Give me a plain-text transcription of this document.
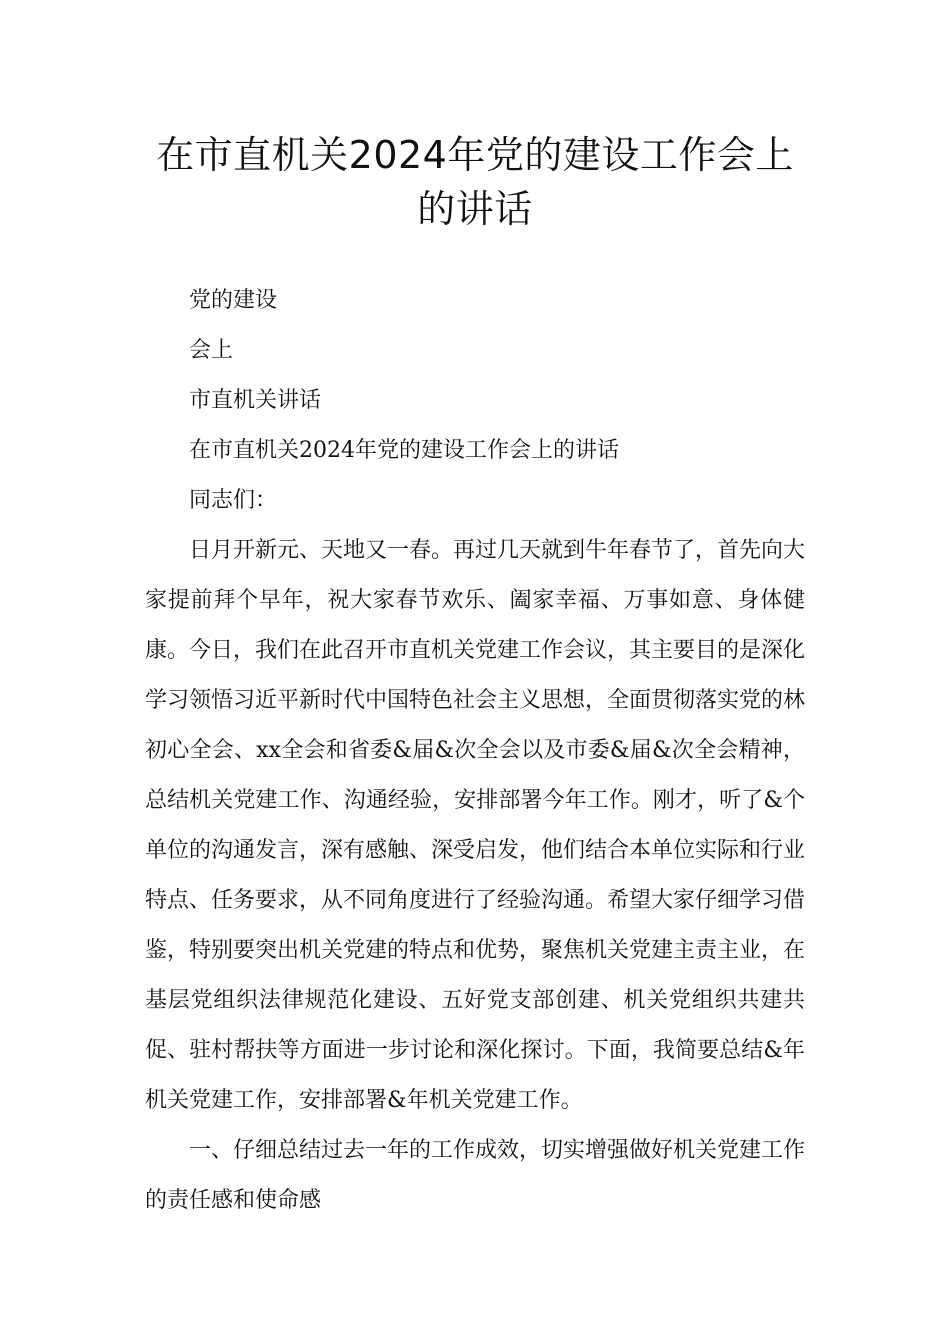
在市直机关2024年党的建设工作会上
的讲话

党的建设

会上

市直机关讲话

在市直机关2024年党的建设工作会上的讲话

同志们：

日月开新元、天地又一春。再过几天就到牛年春节了，首先向大家提前拜个早年，祝大家春节欢乐、阖家幸福、万事如意、身体健康。今日，我们在此召开市直机关党建工作会议，其主要目的是深化学习领悟习近平新时代中国特色社会主义思想，全面贯彻落实党的林初心全会、xx全会和省委&届&次全会以及市委&届&次全会精神，总结机关党建工作、沟通经验，安排部署今年工作。刚才，听了&个单位的沟通发言，深有感触、深受启发，他们结合本单位实际和行业特点、任务要求，从不同角度进行了经验沟通。希望大家仔细学习借鉴，特别要突出机关党建的特点和优势，聚焦机关党建主责主业，在基层党组织法律规范化建设、五好党支部创建、机关党组织共建共促、驻村帮扶等方面进一步讨论和深化探讨。下面，我简要总结&年机关党建工作，安排部署&年机关党建工作。

一、仔细总结过去一年的工作成效，切实增强做好机关党建工作的责任感和使命感
